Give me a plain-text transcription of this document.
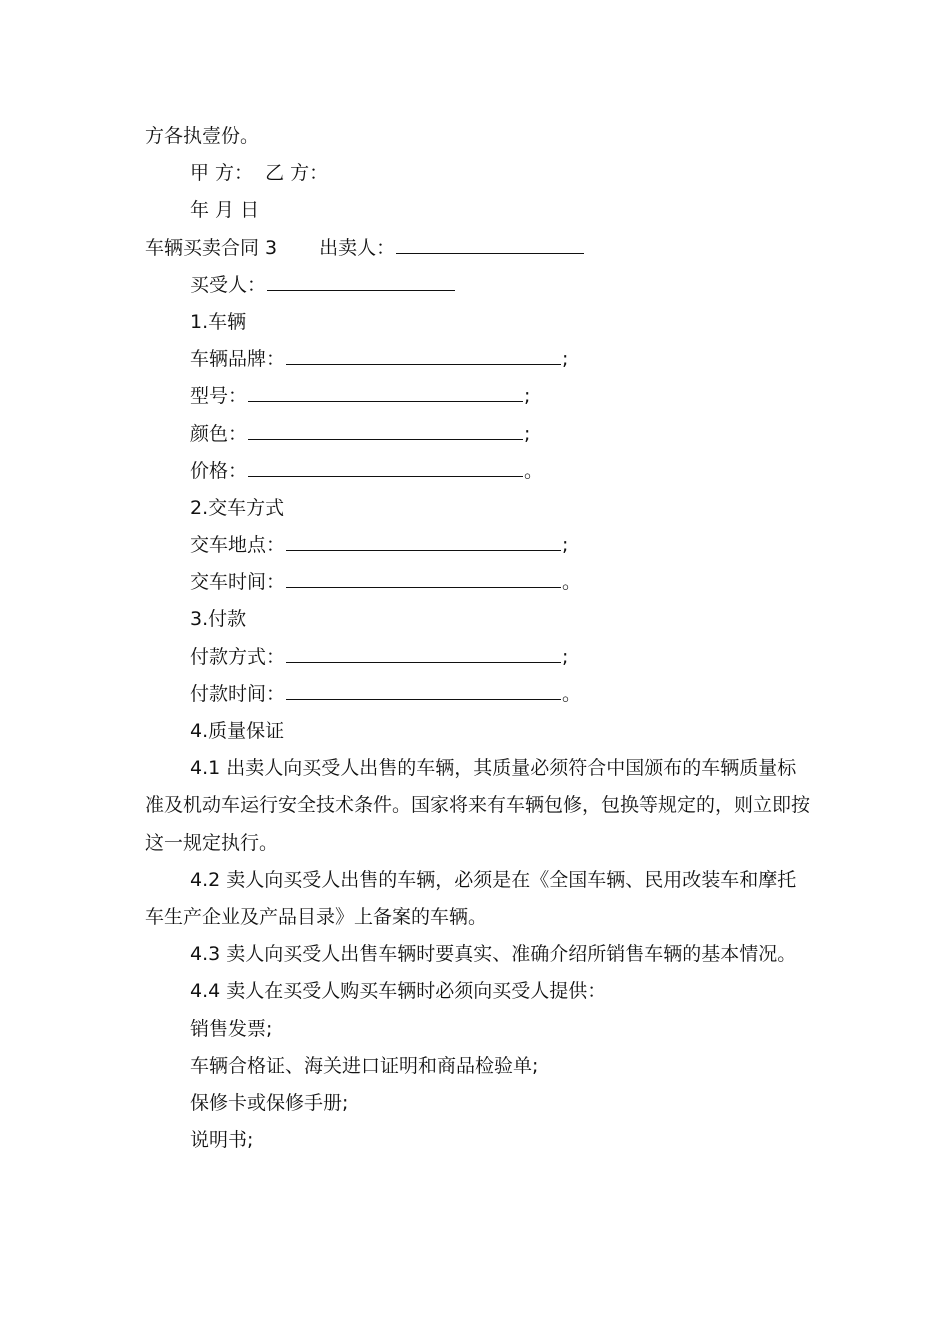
方各执壹份。
甲 方：  乙 方：
年 月 日
车辆买卖合同 3 出卖人：
买受人：
1.车辆
车辆品牌：	;
型号：	;
颜色：	;
价格：	。
2.交车方式
交车地点：	;
交车时间：	。
3.付款
付款方式：	;
付款时间：	。
4.质量保证
4.1 出卖人向买受人出售的车辆，其质量必须符合中国颁布的车辆质量标准及机动车运行安全技术条件。国家将来有车辆包修，包换等规定的，则立即按这一规定执行。
4.2 卖人向买受人出售的车辆，必须是在《全国车辆、民用改装车和摩托车生产企业及产品目录》上备案的车辆。
4.3 卖人向买受人出售车辆时要真实、准确介绍所销售车辆的基本情况。
4.4 卖人在买受人购买车辆时必须向买受人提供：
销售发票;
车辆合格证、海关进口证明和商品检验单;
保修卡或保修手册;
说明书;
